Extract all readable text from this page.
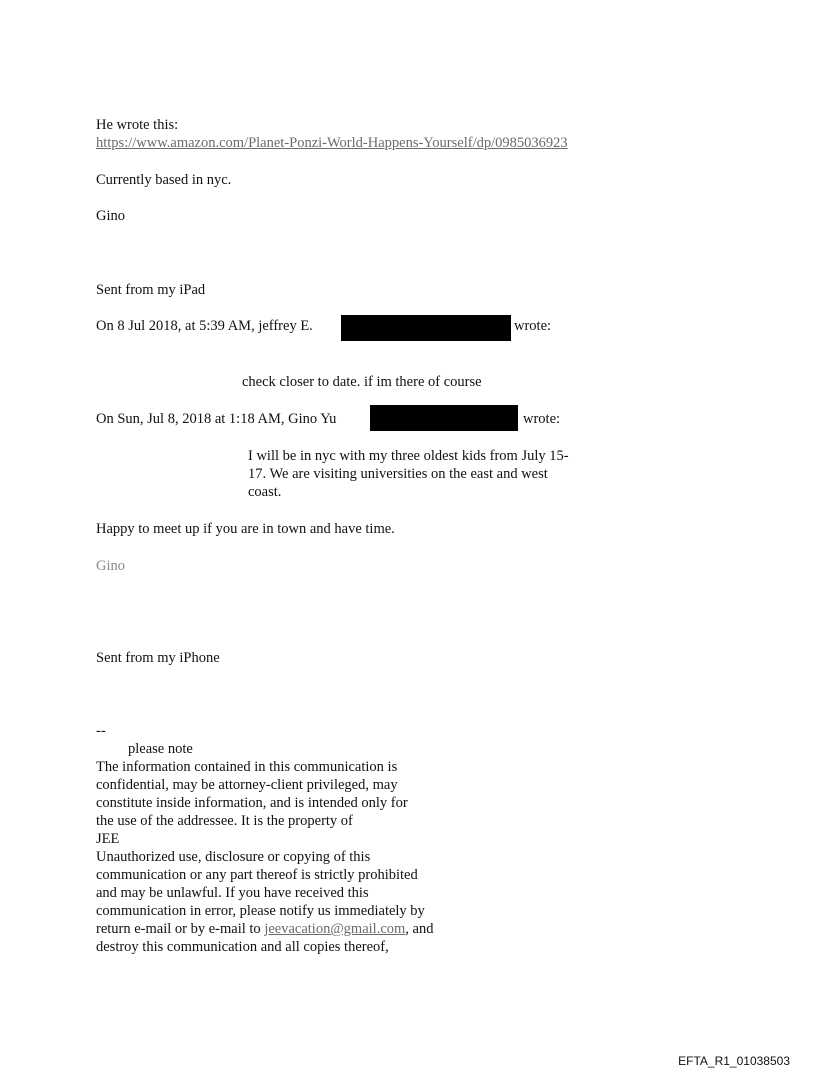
He wrote this:
https://www.amazon.com/Planet-Ponzi-World-Happens-Yourself/dp/0985036923
Currently based in nyc.
Gino
Sent from my iPad
On 8 Jul 2018, at 5:39 AM, jeffrey E.	wrote:
check closer to date. if im there of course
On Sun, Jul 8, 2018 at 1:18 AM, Gino Yu	wrote:
I will be in nyc with my three oldest kids from July 15-
17. We are visiting universities on the east and west
coast.
Happy to meet up if you are in town and have time.
Gino
Sent from my iPhone
--
please note
The information contained in this communication is
confidential, may be attorney-client privileged, may
constitute inside information, and is intended only for
the use of the addressee. It is the property of
JEE
Unauthorized use, disclosure or copying of this
communication or any part thereof is strictly prohibited
and may be unlawful. If you have received this
communication in error, please notify us immediately by
return e-mail or by e-mail to jeevacation@gmail.com, and
destroy this communication and all copies thereof,
EFTA_R1_01038503
